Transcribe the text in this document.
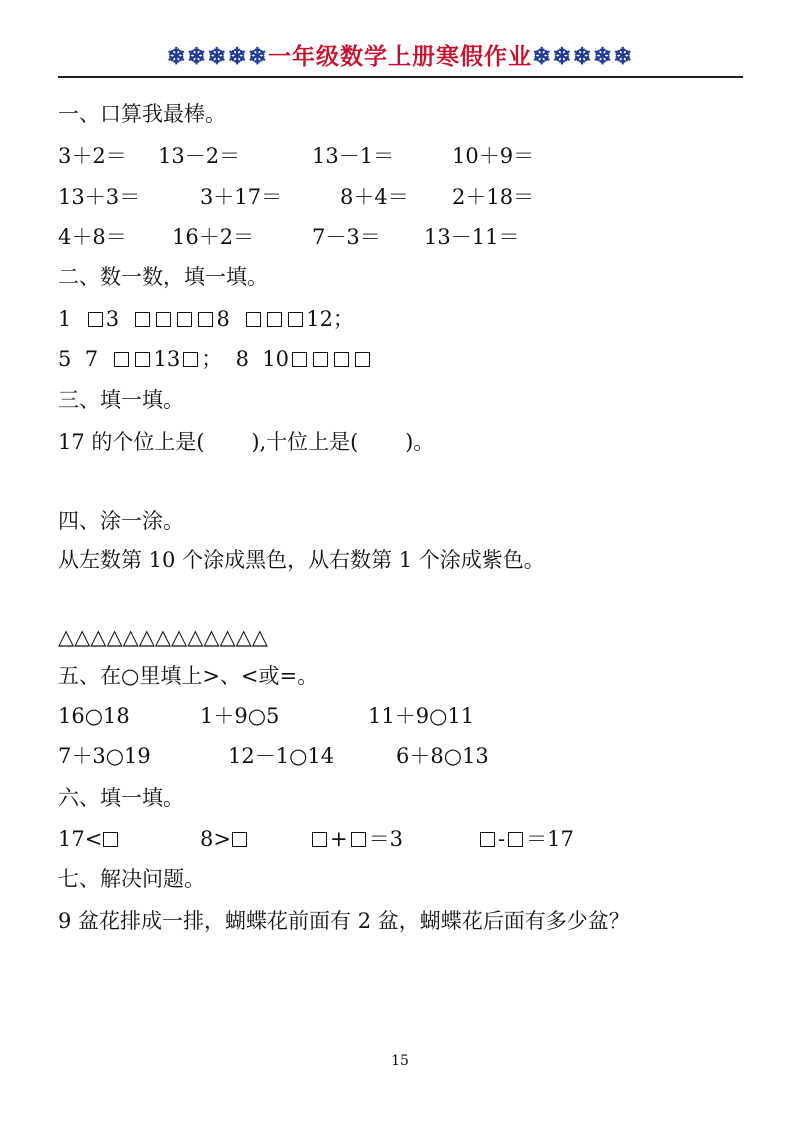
❄❄❄❄❄一年级数学上册寒假作业❄❄❄❄❄
一、口算我最棒。
3＋2＝ 13－2＝	13－1＝	10＋9＝
13＋3＝	3＋17＝	8＋4＝ 2＋18＝
4＋8＝ 16＋2＝	7－3＝ 13－11＝
二、数一数，填一填。
1 3	8	12；
5 7	13 ； 8 10
三、填一填。
17 的个位上是(       ),十位上是(       )。
四、涂一涂。
从左数第 10 个涂成黑色，从右数第 1 个涂成紫色。
△△△△△△△△△△△△△
五、在○里填上>、<或=。
16○18	1＋9○5	11＋9○11
7＋3○19	12－1○14	6＋8○13
六、填一填。
17<	8>	+ ＝3	- ＝17
七、解决问题。
9 盆花排成一排，蝴蝶花前面有 2 盆，蝴蝶花后面有多少盆？
15
